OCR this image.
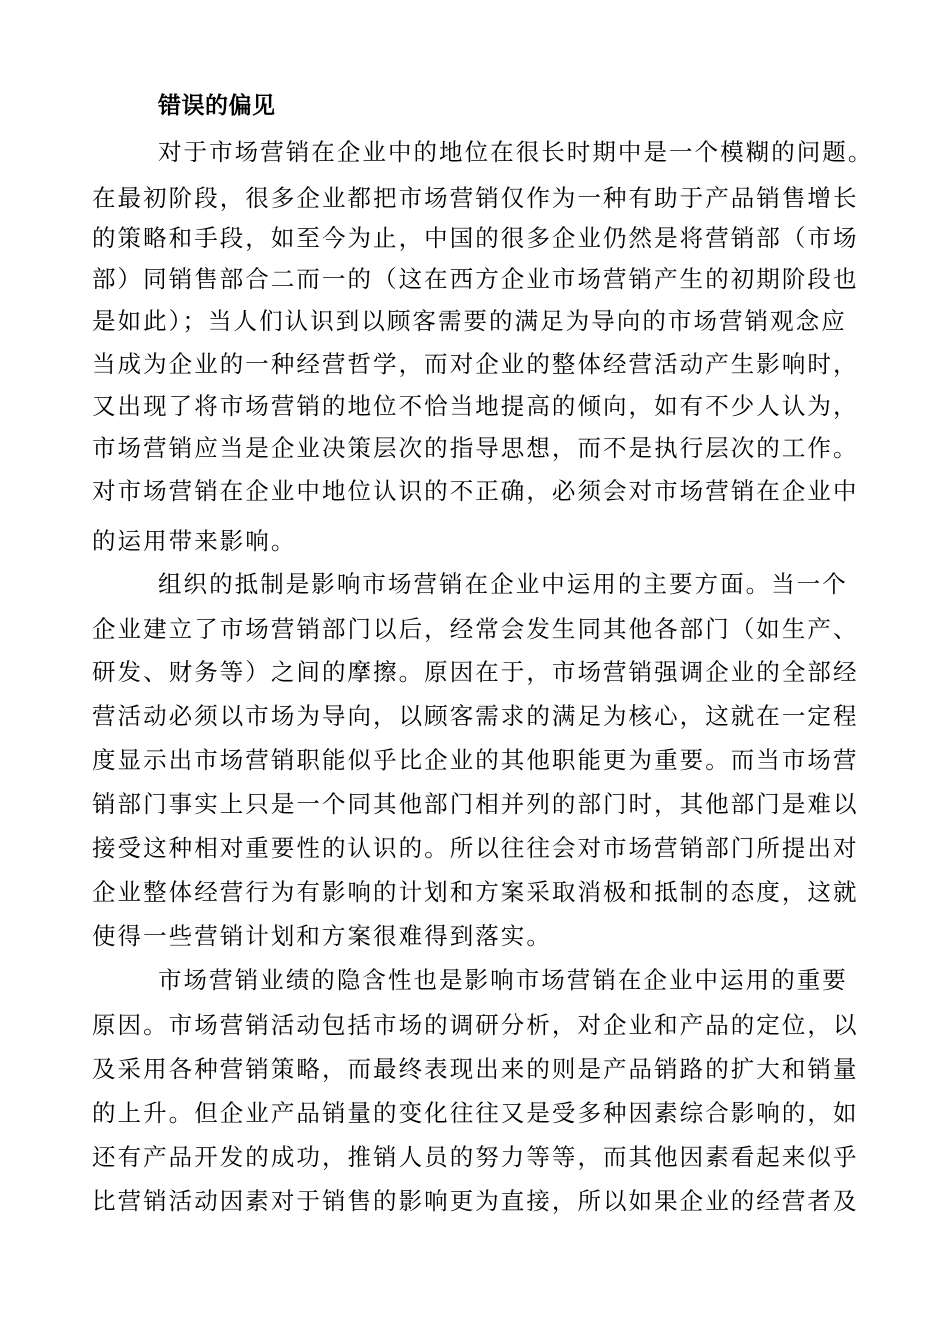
错误的偏见
对于市场营销在企业中的地位在很长时期中是一个模糊的问题。
在最初阶段，很多企业都把市场营销仅作为一种有助于产品销售增长
的策略和手段，如至今为止，中国的很多企业仍然是将营销部（市场
部）同销售部合二而一的（这在西方企业市场营销产生的初期阶段也
是如此）；当人们认识到以顾客需要的满足为导向的市场营销观念应
当成为企业的一种经营哲学，而对企业的整体经营活动产生影响时，
又出现了将市场营销的地位不恰当地提高的倾向，如有不少人认为，
市场营销应当是企业决策层次的指导思想，而不是执行层次的工作。
对市场营销在企业中地位认识的不正确，必须会对市场营销在企业中
的运用带来影响。
组织的抵制是影响市场营销在企业中运用的主要方面。当一个
企业建立了市场营销部门以后，经常会发生同其他各部门（如生产、
研发、财务等）之间的摩擦。原因在于，市场营销强调企业的全部经
营活动必须以市场为导向，以顾客需求的满足为核心，这就在一定程
度显示出市场营销职能似乎比企业的其他职能更为重要。而当市场营
销部门事实上只是一个同其他部门相并列的部门时，其他部门是难以
接受这种相对重要性的认识的。所以往往会对市场营销部门所提出对
企业整体经营行为有影响的计划和方案采取消极和抵制的态度，这就
使得一些营销计划和方案很难得到落实。
市场营销业绩的隐含性也是影响市场营销在企业中运用的重要
原因。市场营销活动包括市场的调研分析，对企业和产品的定位，以
及采用各种营销策略，而最终表现出来的则是产品销路的扩大和销量
的上升。但企业产品销量的变化往往又是受多种因素综合影响的，如
还有产品开发的成功，推销人员的努力等等，而其他因素看起来似乎
比营销活动因素对于销售的影响更为直接，所以如果企业的经营者及
